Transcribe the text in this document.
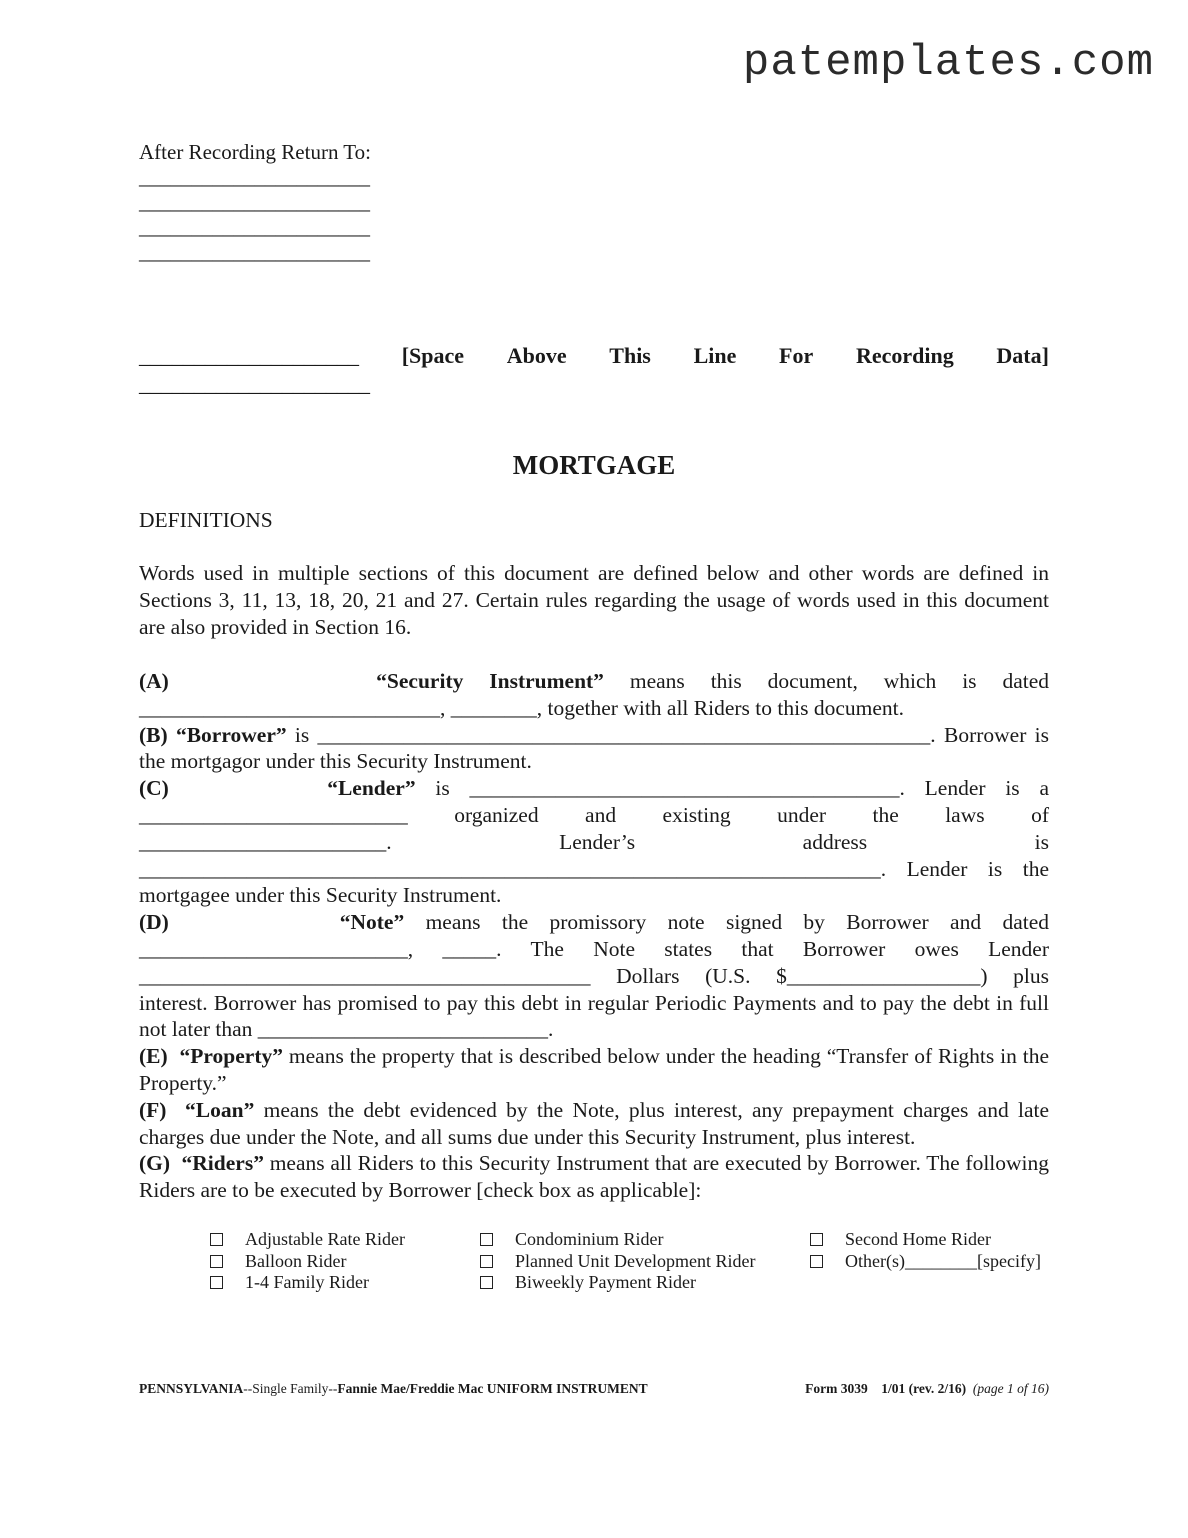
patemplates.com
After Recording Return To:
______________________
______________________
______________________
______________________
____________________ [Space Above This Line For Recording Data]
_____________________
MORTGAGE
DEFINITIONS
Words used in multiple sections of this document are defined below and other words are defined in Sections 3, 11, 13, 18, 20, 21 and 27. Certain rules regarding the usage of words used in this document are also provided in Section 16.

(A)	“Security Instrument” means this document, which is dated

____________________________, ________, together with all Riders to this document.

(B) “Borrower” is _________________________________________________________. Borrower is the mortgagor under this Security Instrument.

(C)	“Lender” is ________________________________________. Lender is a

_________________________ organized and existing under the laws of

_______________________. Lender’s address is

_____________________________________________________________________. Lender is the

mortgagee under this Security Instrument.

(D)	“Note” means the promissory note signed by Borrower and dated

_________________________, _____. The Note states that Borrower owes Lender

__________________________________________ Dollars (U.S. $__________________) plus

interest. Borrower has promised to pay this debt in regular Periodic Payments and to pay the debt in full not later than ___________________________.

(E) “Property” means the property that is described below under the heading “Transfer of Rights in the Property.”

(F) “Loan” means the debt evidenced by the Note, plus interest, any prepayment charges and late charges due under the Note, and all sums due under this Security Instrument, plus interest.

(G) “Riders” means all Riders to this Security Instrument that are executed by Borrower. The following Riders are to be executed by Borrower [check box as applicable]:

Adjustable Rate Rider	Condominium Rider	Second Home Rider
Balloon Rider	Planned Unit Development Rider	Other(s)________[specify]
1-4 Family Rider	Biweekly Payment Rider
PENNSYLVANIA--Single Family--Fannie Mae/Freddie Mac UNIFORM INSTRUMENT	Form 3039 1/01 (rev. 2/16) (page 1 of 16)
